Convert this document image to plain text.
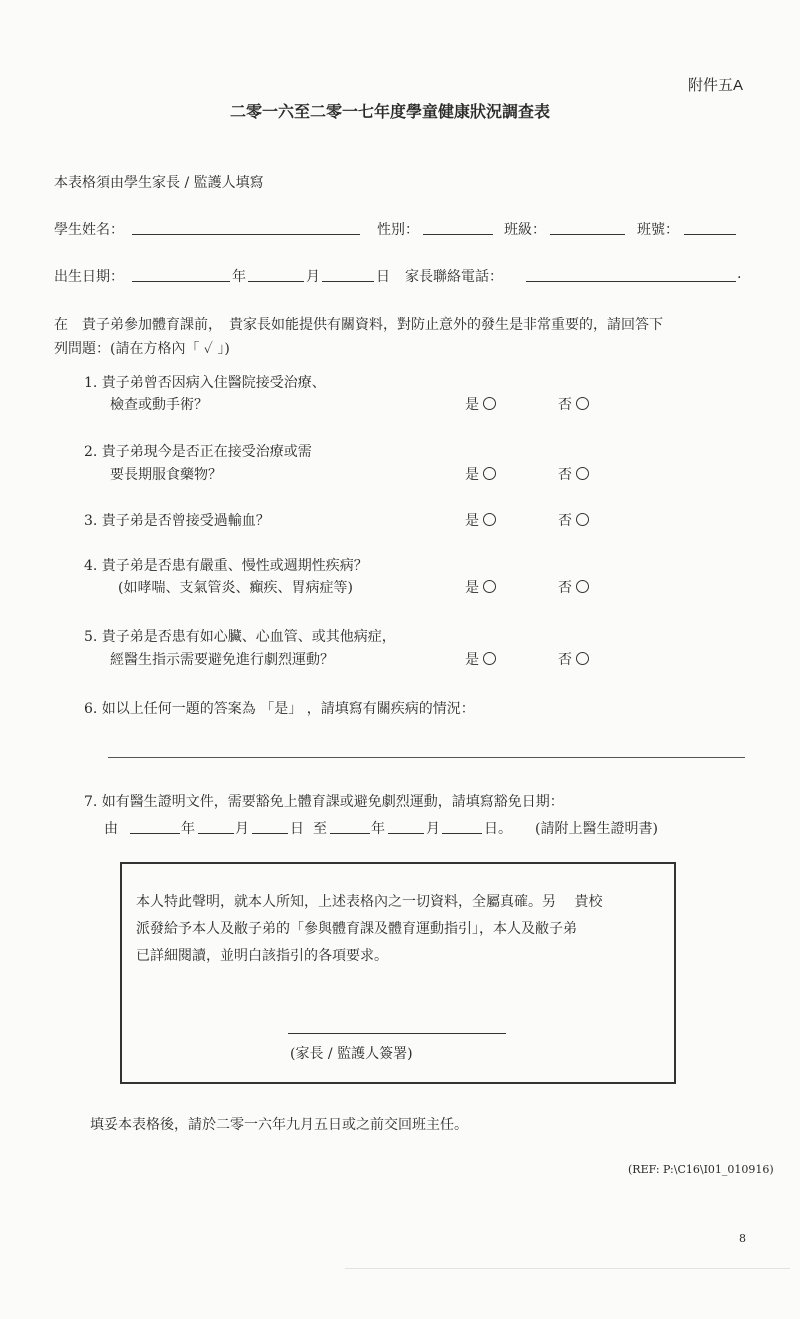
附件五A
二零一六至二零一七年度學童健康狀況調查表
本表格須由學生家長 / 監護人填寫
學生姓名：	性別：	班級：	班號：
出生日期：	年	月	日 家長聯絡電話：	.
在　貴子弟參加體育課前，　貴家長如能提供有關資料，對防止意外的發生是非常重要的，請回答下
列問題：(請在方格內「 ✓ 」)
1. 貴子弟曾否因病入住醫院接受治療、
檢查或動手術？	是	否
2. 貴子弟現今是否正在接受治療或需
要長期服食藥物？	是	否
3. 貴子弟是否曾接受過輸血？	是	否
4. 貴子弟是否患有嚴重、慢性或週期性疾病？
(如哮喘、支氣管炎、癲疾、胃病症等)	是	否
5. 貴子弟是否患有如心臟、心血管、或其他病症，
經醫生指示需要避免進行劇烈運動？	是	否
6. 如以上任何一題的答案為 「是」 ，請填寫有關疾病的情況：
7. 如有醫生證明文件，需要豁免上體育課或避免劇烈運動，請填寫豁免日期：
由	年	月	日 至	年	月	日。 (請附上醫生證明書)
本人特此聲明，就本人所知，上述表格內之一切資料，全屬真確。另　 貴校
派發給予本人及敝子弟的「參與體育課及體育運動指引」，本人及敝子弟
已詳細閱讀，並明白該指引的各項要求。
(家長 / 監護人簽署)
填妥本表格後，請於二零一六年九月五日或之前交回班主任。
(REF: P:\C16\I01_010916)
8
